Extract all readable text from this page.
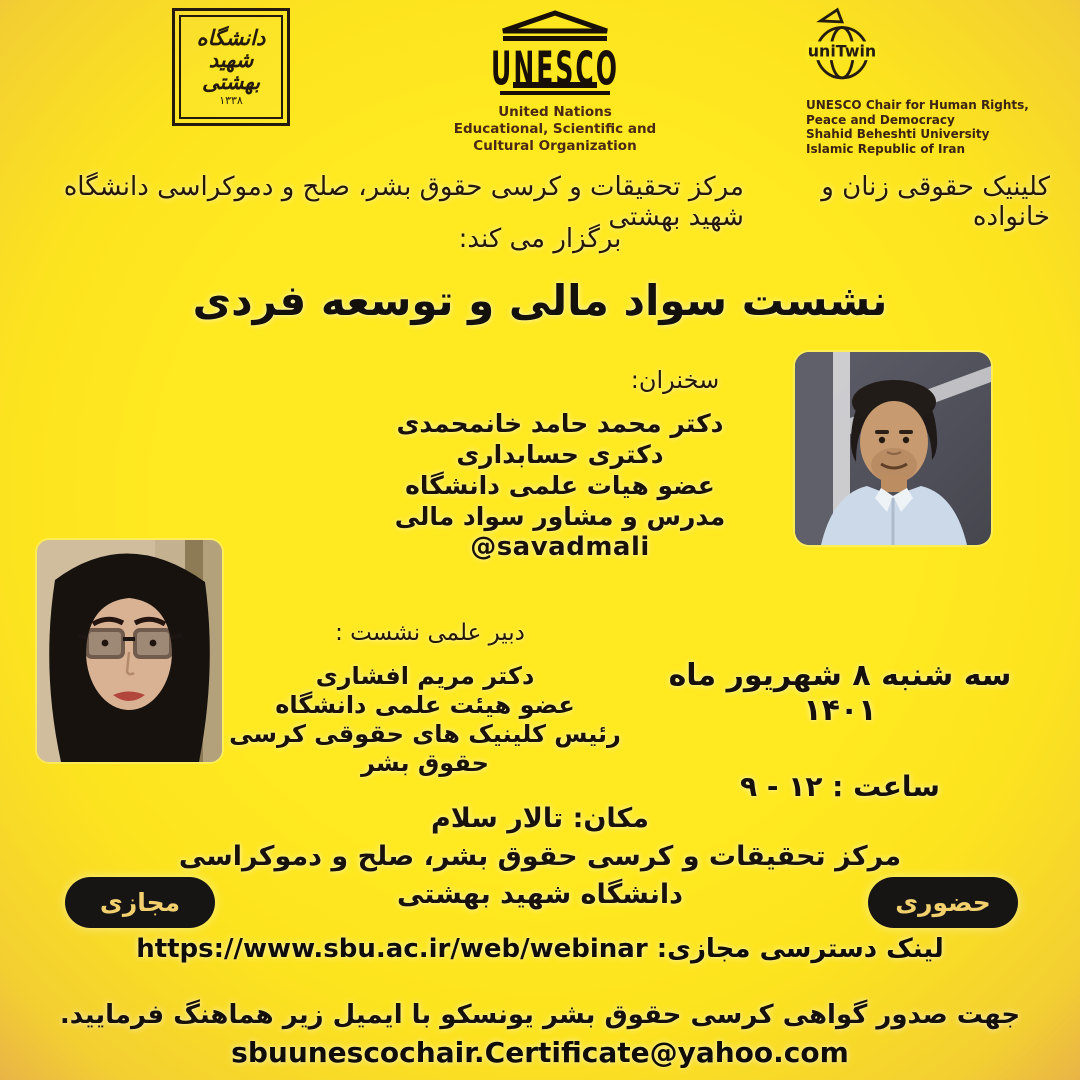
دانشگاه
شهید
بهشتی
۱۳۳۸
UNESCO
United Nations
Educational, Scientific and
Cultural Organization
uniTwin
UNESCO Chair for Human Rights,
Peace and Democracy
Shahid Beheshti University
Islamic Republic of Iran
کلینیک حقوقی زنان و خانواده
مرکز تحقیقات و کرسی حقوق بشر، صلح و دموکراسی دانشگاه شهید بهشتی
برگزار می کند:
نشست سواد مالی و توسعه فردی
سخنران:
دکتر محمد حامد خانمحمدی
دکتری حسابداری
عضو هیات علمی دانشگاه
مدرس و مشاور سواد مالی
@savadmali
دبیر علمی نشست :
دکتر مریم افشاری
عضو هیئت علمی دانشگاه
رئیس کلینیک های حقوقی کرسی حقوق بشر
سه شنبه ۸ شهریور ماه ۱۴۰۱
ساعت : ۱۲ - ۹
مکان: تالار سلام
مرکز تحقیقات و کرسی حقوق بشر، صلح و دموکراسی
دانشگاه شهید بهشتی
مجازی	حضوری
لینک دسترسی مجازی: https://www.sbu.ac.ir/web/webinar
جهت صدور گواهی کرسی حقوق بشر یونسکو با ایمیل زیر هماهنگ فرمایید.
sbuunescochair.Certificate@yahoo.com
